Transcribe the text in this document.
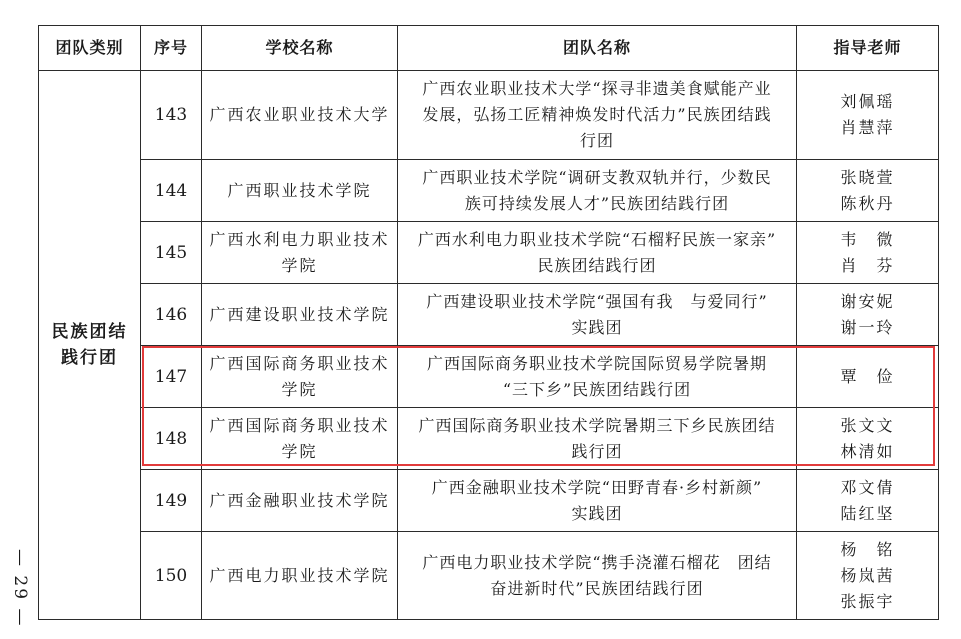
— 29 —
团队类别	序号	学校名称	团队名称	指导老师

民族团结
践行团	143	广西农业职业技术大学	广西农业职业技术大学“探寻非遗美食赋能产业
发展，弘扬工匠精神焕发时代活力”民族团结践
行团	刘佩瑶
肖慧萍

	144	广西职业技术学院	广西职业技术学院“调研支教双轨并行，少数民
族可持续发展人才”民族团结践行团	张晓萱
陈秋丹

	145	广西水利电力职业技术
学院	广西水利电力职业技术学院“石榴籽民族一家亲”
民族团结践行团	韦　微
肖　芬

	146	广西建设职业技术学院	广西建设职业技术学院“强国有我　与爱同行”
实践团	谢安妮
谢一玲

	147	广西国际商务职业技术
学院	广西国际商务职业技术学院国际贸易学院暑期
“三下乡”民族团结践行团	覃　俭

	148	广西国际商务职业技术
学院	广西国际商务职业技术学院暑期三下乡民族团结
践行团	张文文
林清如

	149	广西金融职业技术学院	广西金融职业技术学院“田野青春·乡村新颜”
实践团	邓文倩
陆红坚

	150	广西电力职业技术学院	广西电力职业技术学院“携手浇灌石榴花　团结
奋进新时代”民族团结践行团	杨　铭
杨岚茜
张振宇
